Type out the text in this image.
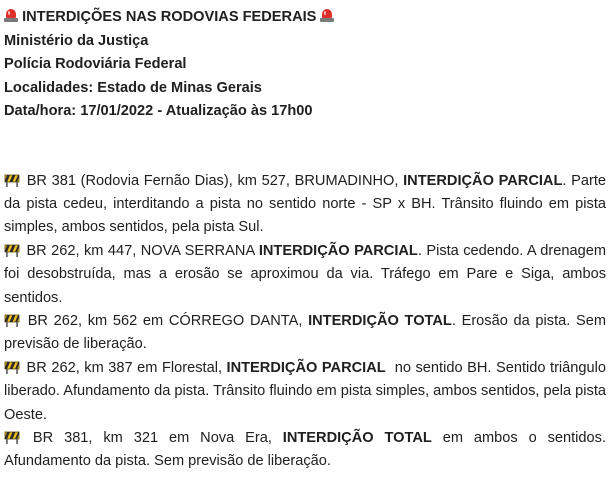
INTERDIÇÕES NAS RODOVIAS FEDERAIS
Ministério da Justiça
Polícia Rodoviária Federal
Localidades: Estado de Minas Gerais
Data/hora: 17/01/2022 - Atualização às 17h00

BR 381 (Rodovia Fernão Dias), km 527, BRUMADINHO, INTERDIÇÃO PARCIAL. Parte da pista cedeu, interditando a pista no sentido norte - SP x BH. Trânsito fluindo em pista simples, ambos sentidos, pela pista Sul.

BR 262, km 447, NOVA SERRANA INTERDIÇÃO PARCIAL. Pista cedendo. A drenagem foi desobstruída, mas a erosão se aproximou da via. Tráfego em Pare e Siga, ambos sentidos.

BR 262, km 562 em CÓRREGO DANTA, INTERDIÇÃO TOTAL. Erosão da pista. Sem previsão de liberação.

BR 262, km 387 em Florestal, INTERDIÇÃO PARCIAL  no sentido BH. Sentido triângulo liberado. Afundamento da pista. Trânsito fluindo em pista simples, ambos sentidos, pela pista Oeste.

BR 381, km 321 em Nova Era, INTERDIÇÃO TOTAL em ambos o sentidos. Afundamento da pista. Sem previsão de liberação.
